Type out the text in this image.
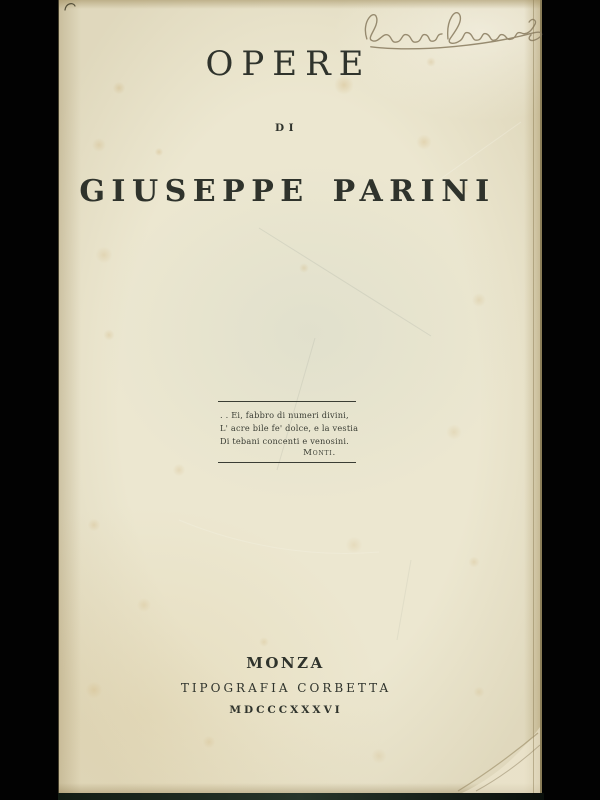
OPERE
DI
GIUSEPPE PARINI
. . Ei, fabbro di numeri divini,
L' acre bile fe' dolce, e la vestia
Di tebani concenti e venosini.
Monti.
MONZA
TIPOGRAFIA CORBETTA
MDCCCXXXVI
